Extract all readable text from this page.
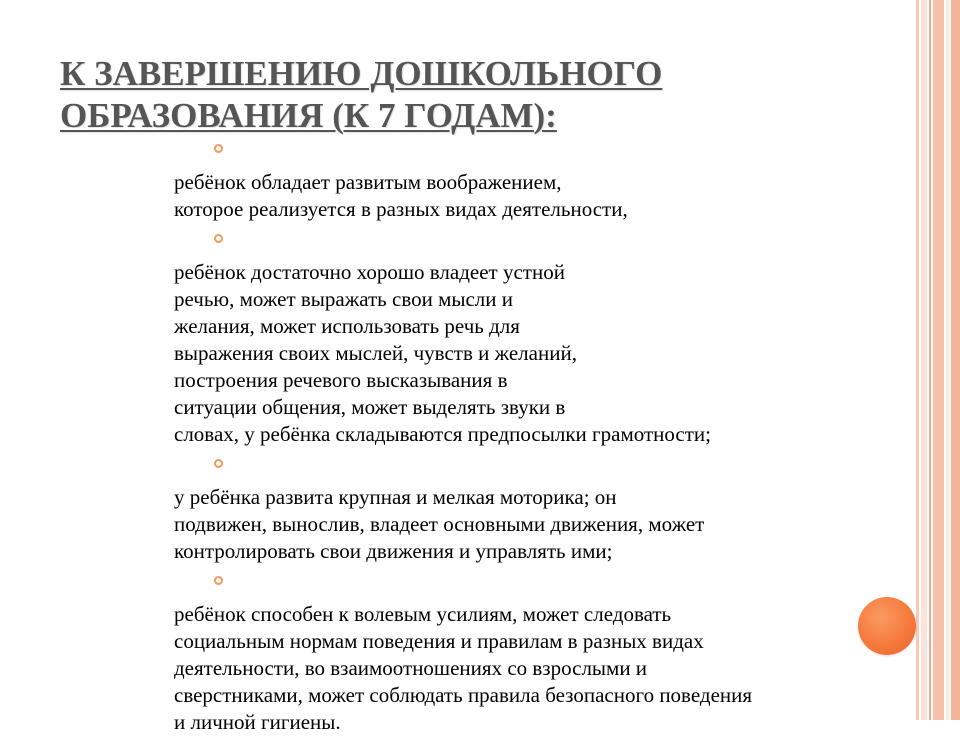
К ЗАВЕРШЕНИЮ ДОШКОЛЬНОГО
ОБРАЗОВАНИЯ (К 7 ГОДАМ):
ребёнок обладает развитым воображением,
которое реализуется в разных видах деятельности,
ребёнок достаточно хорошо владеет устной
речью, может выражать свои мысли и
желания, может использовать речь для
выражения своих мыслей, чувств и желаний,
построения речевого высказывания в
ситуации общения, может выделять звуки в
словах, у ребёнка складываются предпосылки грамотности;
у ребёнка развита крупная и мелкая моторика; он
подвижен, вынослив, владеет основными движения, может
контролировать свои движения и управлять ими;
ребёнок способен к волевым усилиям, может следовать
социальным нормам поведения и правилам в разных видах
деятельности, во взаимоотношениях со взрослыми и
сверстниками, может соблюдать правила безопасного поведения
и личной гигиены.
